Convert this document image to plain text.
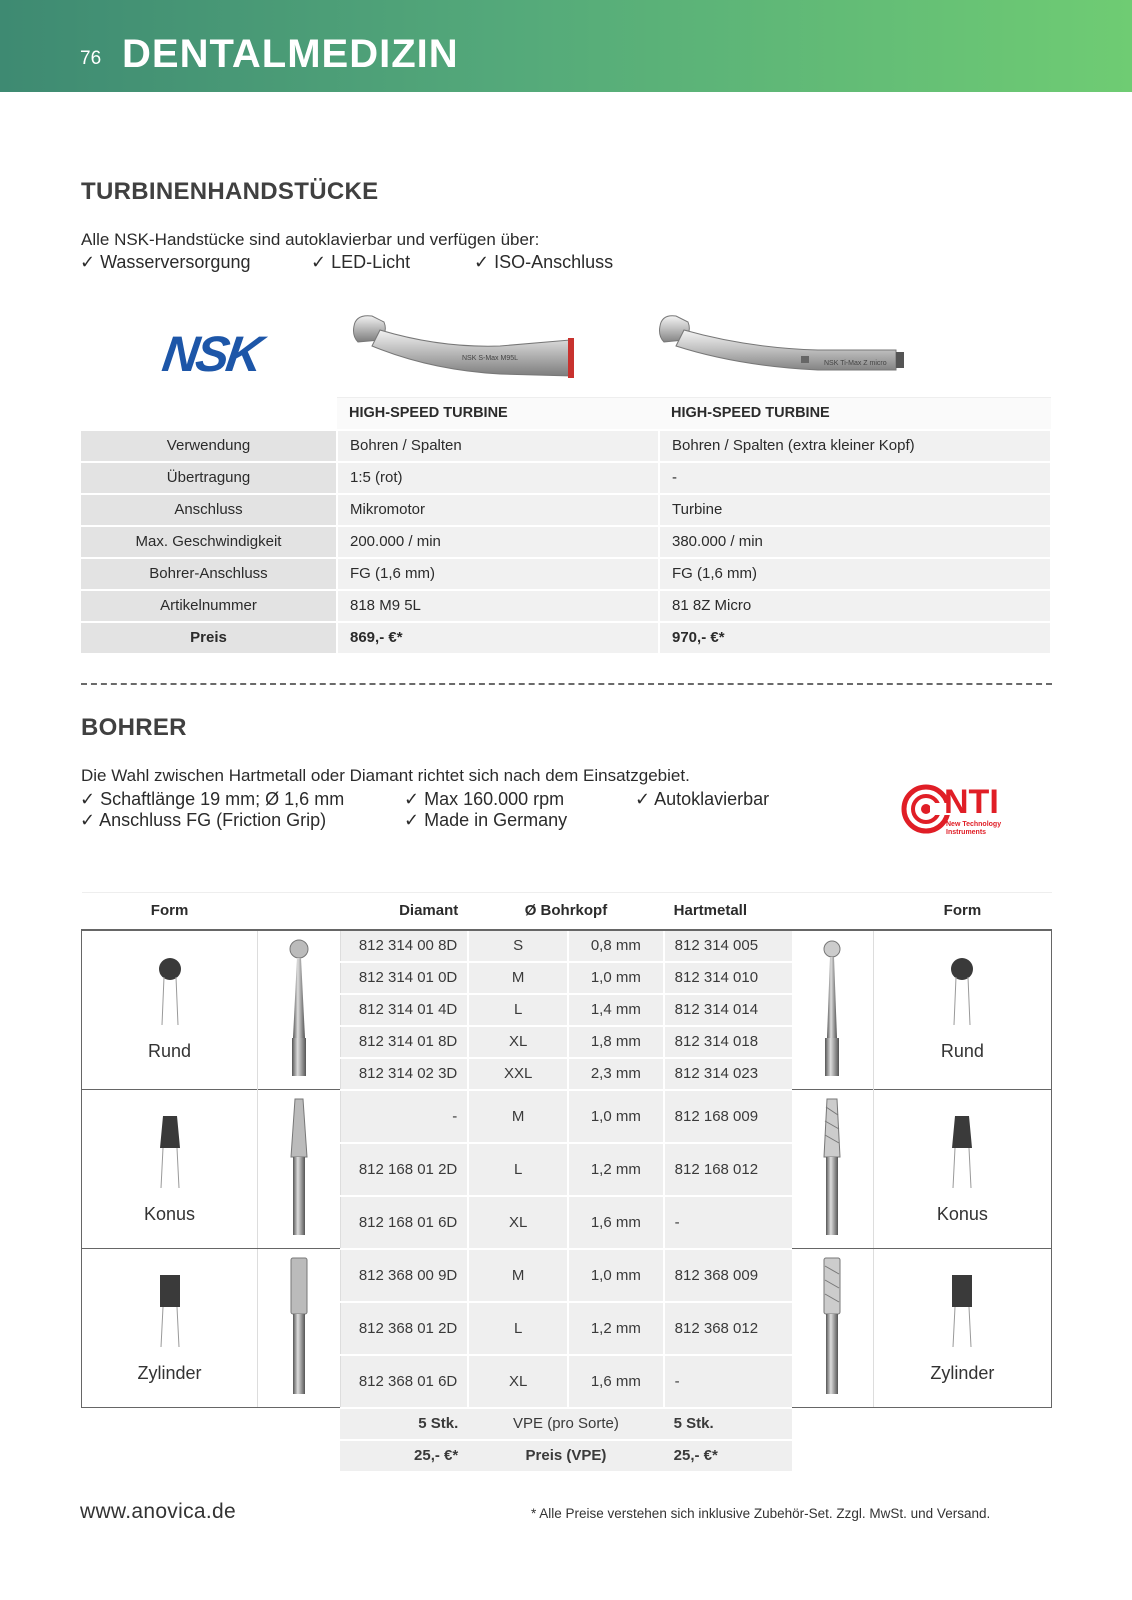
76 DENTALMEDIZIN
TURBINENHANDSTÜCKE
Alle NSK-Handstücke sind autoklavierbar und verfügen über:
✓ Wasserversorgung	✓ LED-Licht	✓ ISO-Anschluss
NSK	NSK S-Max M95L
NSK Ti-Max Z micro
	HIGH-SPEED TURBINE	HIGH-SPEED TURBINE
Verwendung	Bohren / Spalten	Bohren / Spalten (extra kleiner Kopf)
Übertragung	1:5 (rot)	-
Anschluss	Mikromotor	Turbine
Max. Geschwindigkeit	200.000 / min	380.000 / min
Bohrer-Anschluss	FG (1,6 mm)	FG (1,6 mm)
Artikelnummer	818 M9 5L	81 8Z Micro
Preis	869,- €*	970,- €*
BOHRER
Die Wahl zwischen Hartmetall oder Diamant richtet sich nach dem Einsatzgebiet.
✓ Schaftlänge 19 mm; Ø 1,6 mm	✓ Max 160.000 rpm	✓ Autoklavierbar
✓ Anschluss FG (Friction Grip)	✓ Made in Germany	NTI
New Technology
Instruments
Form		Diamant	Ø Bohrkopf		Hartmetall		Form

Rund		812 314 00 8D	S	0,8 mm	812 314 005		Rund

		812 314 01 0D	M	1,0 mm	812 314 010		
		812 314 01 4D	L	1,4 mm	812 314 014		
		812 314 01 8D	XL	1,8 mm	812 314 018		
		812 314 02 3D	XXL	2,3 mm	812 314 023		

Konus		-	M	1,0 mm	812 168 009		Konus

		812 168 01 2D	L	1,2 mm	812 168 012		
		812 168 01 6D	XL	1,6 mm	-		

Zylinder		812 368 00 9D	M	1,0 mm	812 368 009		Zylinder

		812 368 01 2D	L	1,2 mm	812 368 012		
		812 368 01 6D	XL	1,6 mm	-		
		5 Stk.	VPE (pro Sorte)		5 Stk.		
		25,- €*	Preis (VPE)		25,- €*		
www.anovica.de	* Alle Preise verstehen sich inklusive Zubehör-Set. Zzgl. MwSt. und Versand.
